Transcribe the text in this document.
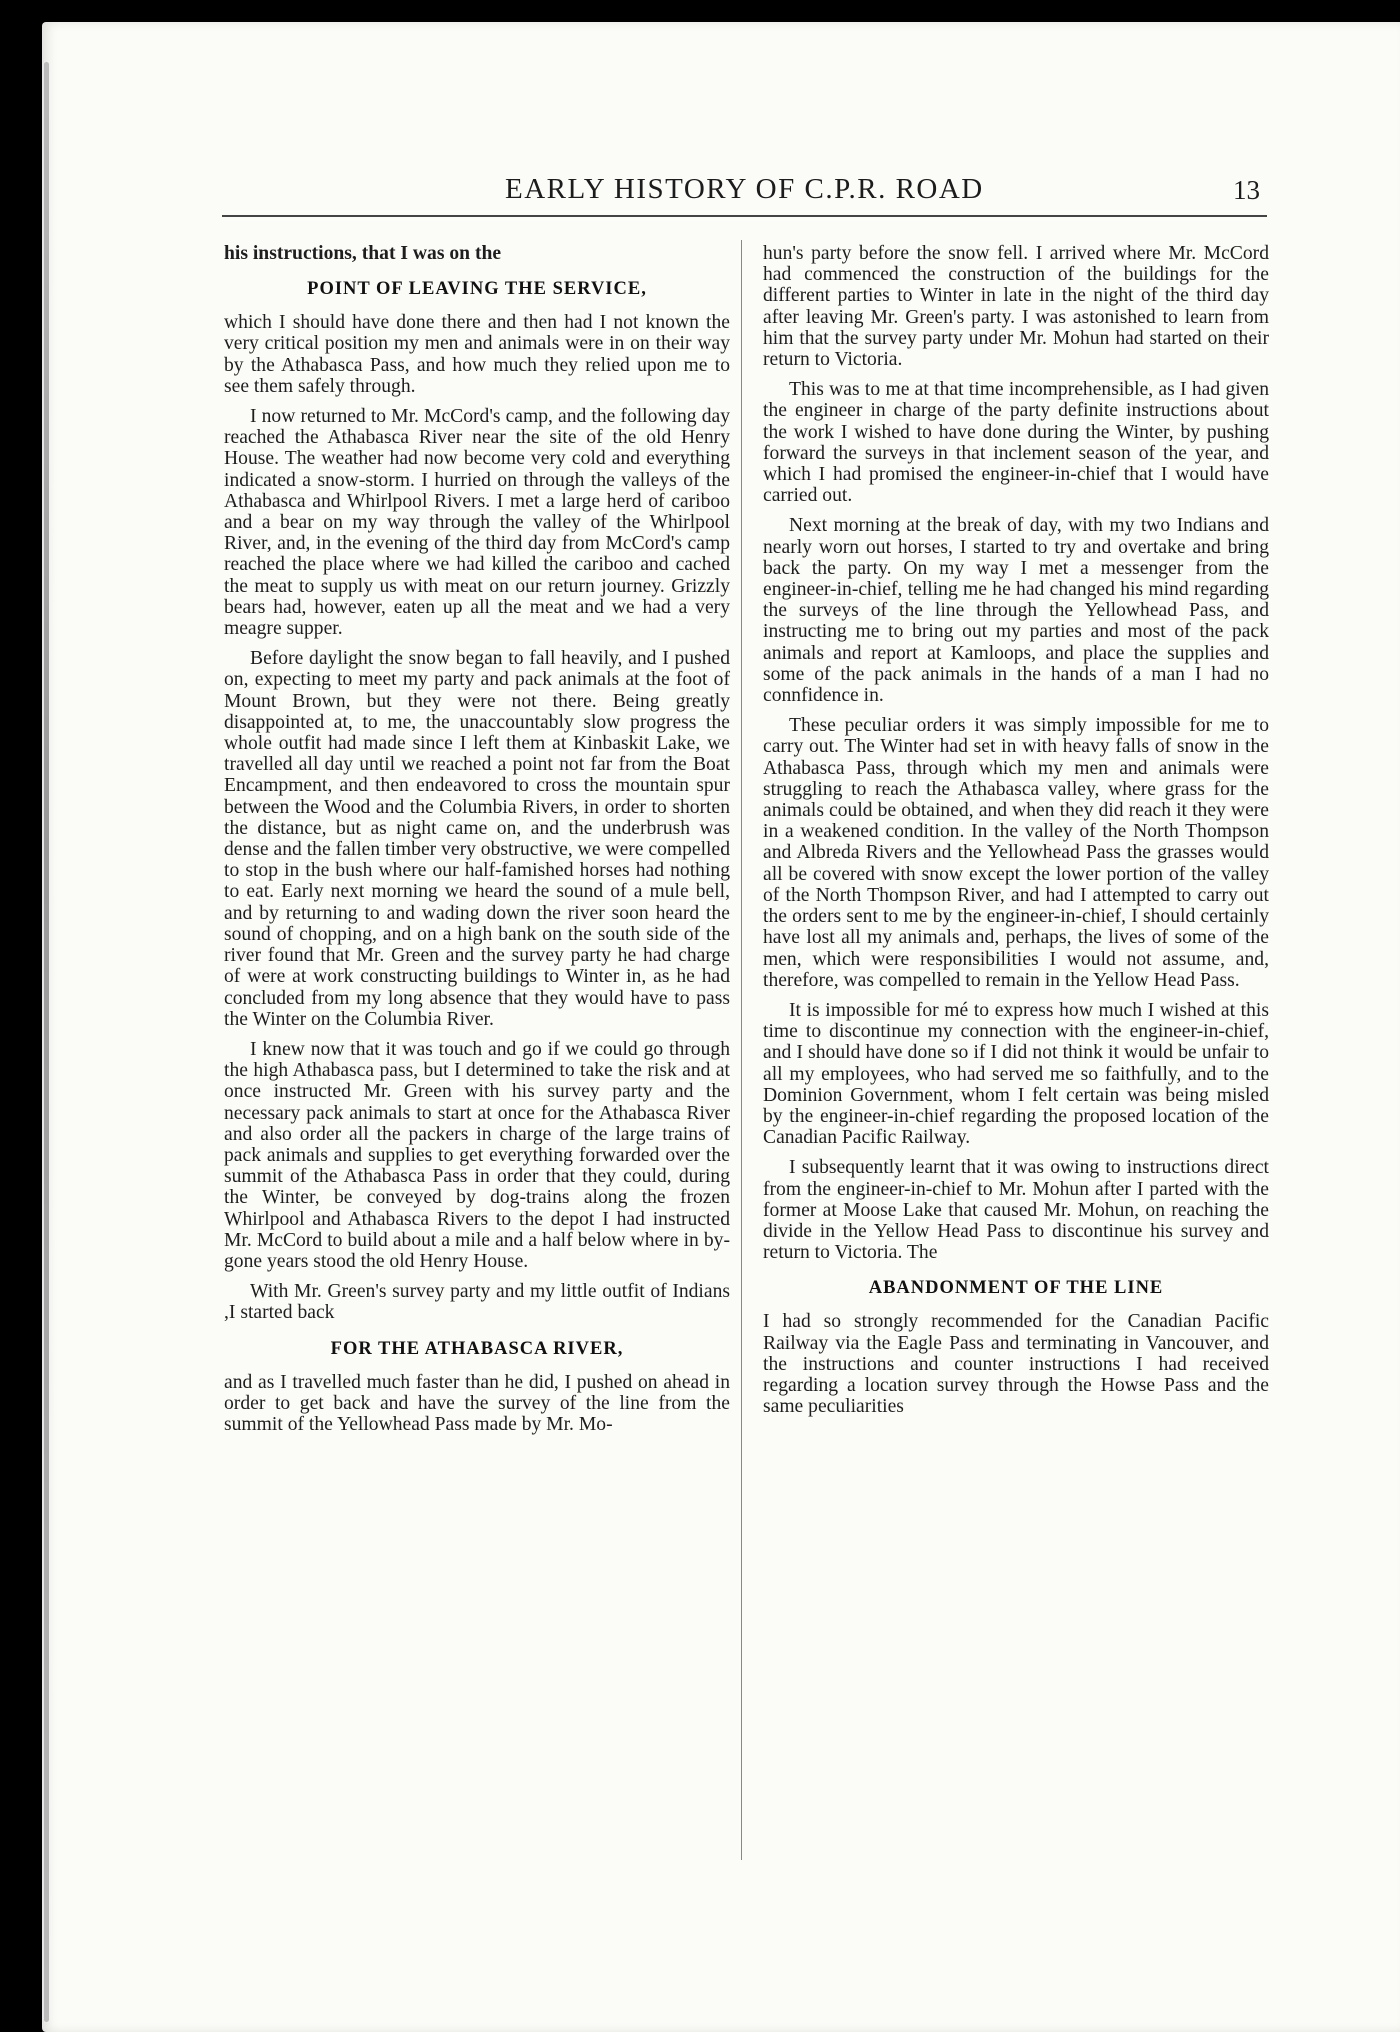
EARLY HISTORY OF C.P.R. ROAD	13

his instructions, that I was on the

POINT OF LEAVING THE SERVICE,

which I should have done there and then had I not known the very critical position my men and animals were in on their way by the Athabasca Pass, and how much they relied upon me to see them safely through.

I now returned to Mr. McCord's camp, and the following day reached the Athabasca River near the site of the old Henry House. The weather had now become very cold and everything indicated a snow-storm. I hurried on through the valleys of the Athabasca and Whirlpool Rivers. I met a large herd of cariboo and a bear on my way through the valley of the Whirlpool River, and, in the evening of the third day from McCord's camp reached the place where we had killed the cariboo and cached the meat to supply us with meat on our return journey. Grizzly bears had, however, eaten up all the meat and we had a very meagre supper.

Before daylight the snow began to fall heavily, and I pushed on, expecting to meet my party and pack animals at the foot of Mount Brown, but they were not there. Being greatly disappointed at, to me, the unaccountably slow progress the whole outfit had made since I left them at Kinbaskit Lake, we travelled all day until we reached a point not far from the Boat Encampment, and then endeavored to cross the mountain spur between the Wood and the Columbia Rivers, in order to shorten the distance, but as night came on, and the underbrush was dense and the fallen timber very obstructive, we were compelled to stop in the bush where our half-famished horses had nothing to eat. Early next morning we heard the sound of a mule bell, and by returning to and wading down the river soon heard the sound of chopping, and on a high bank on the south side of the river found that Mr. Green and the survey party he had charge of were at work constructing buildings to Winter in, as he had concluded from my long absence that they would have to pass the Winter on the Columbia River.

I knew now that it was touch and go if we could go through the high Athabasca pass, but I determined to take the risk and at once instructed Mr. Green with his survey party and the necessary pack animals to start at once for the Athabasca River and also order all the packers in charge of the large trains of pack animals and supplies to get everything forwarded over the summit of the Athabasca Pass in order that they could, during the Winter, be conveyed by dog-trains along the frozen Whirlpool and Athabasca Rivers to the depot I had instructed Mr. McCord to build about a mile and a half below where in by-gone years stood the old Henry House.

With Mr. Green's survey party and my little outfit of Indians ,I started back

FOR THE ATHABASCA RIVER,

and as I travelled much faster than he did, I pushed on ahead in order to get back and have the survey of the line from the summit of the Yellowhead Pass made by Mr. Mo-

hun's party before the snow fell. I arrived where Mr. McCord had commenced the construction of the buildings for the different parties to Winter in late in the night of the third day after leaving Mr. Green's party. I was astonished to learn from him that the survey party under Mr. Mohun had started on their return to Victoria.

This was to me at that time incomprehensible, as I had given the engineer in charge of the party definite instructions about the work I wished to have done during the Winter, by pushing forward the surveys in that inclement season of the year, and which I had promised the engineer-in-chief that I would have carried out.

Next morning at the break of day, with my two Indians and nearly worn out horses, I started to try and overtake and bring back the party. On my way I met a messenger from the engineer-in-chief, telling me he had changed his mind regarding the surveys of the line through the Yellowhead Pass, and instructing me to bring out my parties and most of the pack animals and report at Kamloops, and place the supplies and some of the pack animals in the hands of a man I had no connfidence in.

These peculiar orders it was simply impossible for me to carry out. The Winter had set in with heavy falls of snow in the Athabasca Pass, through which my men and animals were struggling to reach the Athabasca valley, where grass for the animals could be obtained, and when they did reach it they were in a weakened condition. In the valley of the North Thompson and Albreda Rivers and the Yellowhead Pass the grasses would all be covered with snow except the lower portion of the valley of the North Thompson River, and had I attempted to carry out the orders sent to me by the engineer-in-chief, I should certainly have lost all my animals and, perhaps, the lives of some of the men, which were responsibilities I would not assume, and, therefore, was compelled to remain in the Yellow Head Pass.

It is impossible for mé to express how much I wished at this time to discontinue my connection with the engineer-in-chief, and I should have done so if I did not think it would be unfair to all my employees, who had served me so faithfully, and to the Dominion Government, whom I felt certain was being misled by the engineer-in-chief regarding the proposed location of the Canadian Pacific Railway.

I subsequently learnt that it was owing to instructions direct from the engineer-in-chief to Mr. Mohun after I parted with the former at Moose Lake that caused Mr. Mohun, on reaching the divide in the Yellow Head Pass to discontinue his survey and return to Victoria. The

ABANDONMENT OF THE LINE

I had so strongly recommended for the Canadian Pacific Railway via the Eagle Pass and terminating in Vancouver, and the instructions and counter instructions I had received regarding a location survey through the Howse Pass and the same peculiarities
